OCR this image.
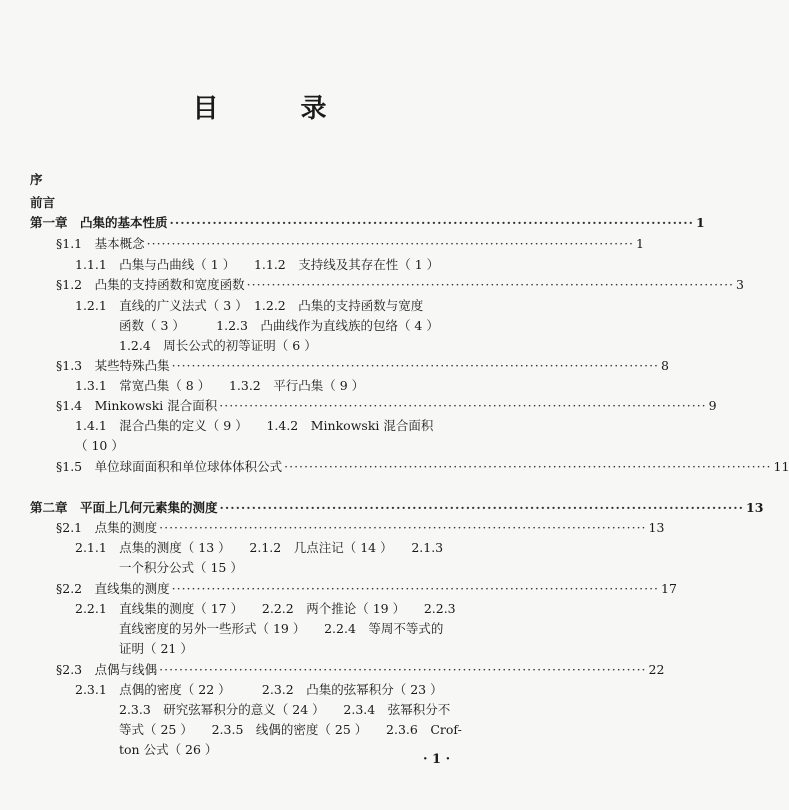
目　录
序
前言
第一章　凸集的基本性质 ·································································································· 1
§1.1　基本概念 ·································································································· 1
1.1.1　凸集与凸曲线（ 1 ）　　1.1.2　支持线及其存在性（ 1 ）
§1.2　凸集的支持函数和宽度函数 ·································································································· 3
1.2.1　直线的广义法式（ 3 ）　1.2.2　凸集的支持函数与宽度
函数（ 3 ）　　　1.2.3　凸曲线作为直线族的包络（ 4 ）
1.2.4　周长公式的初等证明（ 6 ）
§1.3　某些特殊凸集 ·································································································· 8
1.3.1　常宽凸集（ 8 ）　　1.3.2　平行凸集（ 9 ）
§1.4　Minkowski 混合面积 ·································································································· 9
1.4.1　混合凸集的定义（ 9 ）　　1.4.2　Minkowski 混合面积
（ 10 ）
§1.5　单位球面面积和单位球体体积公式 ·································································································· 11
第二章　平面上几何元素集的测度 ·································································································· 13
§2.1　点集的测度 ·································································································· 13
2.1.1　点集的测度（ 13 ）　　2.1.2　几点注记（ 14 ）　　2.1.3
一个积分公式（ 15 ）
§2.2　直线集的测度 ·································································································· 17
2.2.1　直线集的测度（ 17 ）　　2.2.2　两个推论（ 19 ）　　2.2.3
直线密度的另外一些形式（ 19 ）　　2.2.4　等周不等式的
证明（ 21 ）
§2.3　点偶与线偶 ·································································································· 22
2.3.1　点偶的密度（ 22 ）　　　2.3.2　凸集的弦幂积分（ 23 ）
2.3.3　研究弦幂积分的意义（ 24 ）　　2.3.4　弦幂积分不
等式（ 25 ）　　2.3.5　线偶的密度（ 25 ）　　2.3.6　Crof-
ton 公式（ 26 ）
· 1 ·
